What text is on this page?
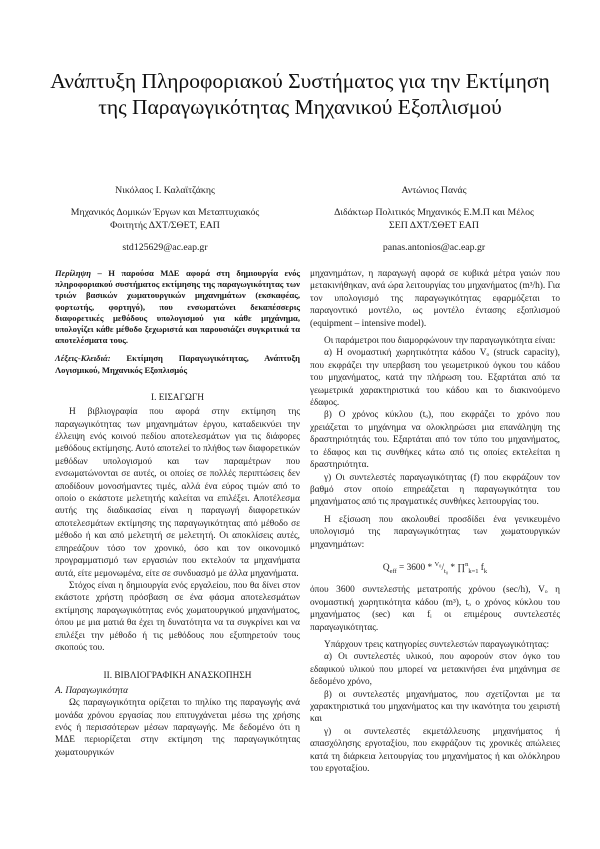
Ανάπτυξη Πληροφοριακού Συστήματος για την Εκτίμηση της Παραγωγικότητας Μηχανικού Εξοπλισμού
Νικόλαος Ι. Καλαϊτζάκης
Μηχανικός Δομικών Έργων και Μεταπτυχιακός
Φοιτητής ΔΧΤ/ΣΘΕΤ, ΕΑΠ
std125629@ac.eap.gr
Αντώνιος Πανάς
Διδάκτωρ Πολιτικός Μηχανικός Ε.Μ.Π και Μέλος
ΣΕΠ ΔΧΤ/ΣΘΕΤ ΕΑΠ
panas.antonios@ac.eap.gr

Περίληψη – Η παρούσα ΜΔΕ αφορά στη δημιουργία ενός πληροφοριακού συστήματος εκτίμησης της παραγωγικότητας των τριών βασικών χωματουργικών μηχανημάτων (εκσκαφέας, φορτωτής, φορτηγό), που ενσωματώνει δεκαπέσσερις διαφορετικές μεθόδους υπολογισμού για κάθε μηχάνημα, υπολογίζει κάθε μέθοδο ξεχωριστά και παρουσιάζει συγκριτικά τα αποτελέσματα τους.

Λέξεις-Κλειδιά: Εκτίμηση Παραγωγικότητας, Ανάπτυξη Λογισμικού, Μηχανικός Εξοπλισμός

I. ΕΙΣΑΓΩΓΗ

Η βιβλιογραφία που αφορά στην εκτίμηση της παραγωγικότητας των μηχανημάτων έργου, καταδεικνύει την έλλειψη ενός κοινού πεδίου αποτελεσμάτων για τις διάφορες μεθόδους εκτίμησης. Αυτό αποτελεί το πλήθος των διαφορετικών μεθόδων υπολογισμού και των παραμέτρων που ενσωματώνονται σε αυτές, οι οποίες σε πολλές περιπτώσεις δεν αποδίδουν μονοσήμαντες τιμές, αλλά ένα εύρος τιμών από το οποίο ο εκάστοτε μελετητής καλείται να επιλέξει. Αποτέλεσμα αυτής της διαδικασίας είναι η παραγωγή διαφορετικών αποτελεσμάτων εκτίμησης της παραγωγικότητας από μέθοδο σε μέθοδο ή και από μελετητή σε μελετητή. Οι αποκλίσεις αυτές, επηρεάζουν τόσο τον χρονικό, όσο και τον οικονομικό προγραμματισμό των εργασιών που εκτελούν τα μηχανήματα αυτά, είτε μεμονωμένα, είτε σε συνδυασμό με άλλα μηχανήματα.

Στόχος είναι η δημιουργία ενός εργαλείου, που θα δίνει στον εκάστοτε χρήστη πρόσβαση σε ένα φάσμα αποτελεσμάτων εκτίμησης παραγωγικότητας ενός χωματουργικού μηχανήματος, όπου με μια ματιά θα έχει τη δυνατότητα να τα συγκρίνει και να επιλέξει την μέθοδο ή τις μεθόδους που εξυπηρετούν τους σκοπούς του.

II. ΒΙΒΛΙΟΓΡΑΦΙΚΗ ΑΝΑΣΚΟΠΗΣΗ

A. Παραγωγικότητα

Ως παραγωγικότητα ορίζεται το πηλίκο της παραγωγής ανά μονάδα χρόνου εργασίας που επιτυγχάνεται μέσω της χρήσης ενός ή περισσότερων μέσων παραγωγής. Με δεδομένο ότι η ΜΔΕ περιορίζεται στην εκτίμηση της παραγωγικότητας χωματουργικών

μηχανημάτων, η παραγωγή αφορά σε κυβικά μέτρα γαιών που μετακινήθηκαν, ανά ώρα λειτουργίας του μηχανήματος (m³/h). Για τον υπολογισμό της παραγωγικότητας εφαρμόζεται το παραγοντικό μοντέλο, ως μοντέλο έντασης εξοπλισμού (equipment – intensive model).

Οι παράμετροι που διαμορφώνουν την παραγωγικότητα είναι:

α) Η ονομαστική χωρητικότητα κάδου Vₒ (struck capacity), που εκφράζει την υπερβαση του γεωμετρικού όγκου του κάδου του μηχανήματος, κατά την πλήρωση του. Εξαρτάται από τα γεωμετρικά χαρακτηριστικά του κάδου και το διακινούμενο έδαφος.

β) Ο χρόνος κύκλου (tₒ), που εκφράζει το χρόνο που χρειάζεται το μηχάνημα να ολοκληρώσει μια επανάληψη της δραστηριότητάς του. Εξαρτάται από τον τύπο του μηχανήματος, το έδαφος και τις συνθήκες κάτω από τις οποίες εκτελείται η δραστηριότητα.

γ) Οι συντελεστές παραγωγικότητας (f) που εκφράζουν τον βαθμό στον οποίο επηρεάζεται η παραγωγικότητα του μηχανήματος από τις πραγματικές συνθήκες λειτουργίας του.

Η εξίσωση που ακολουθεί προσδίδει ένα γενικευμένο υπολογισμό της παραγωγικότητας των χωματουργικών μηχανημάτων:

$Q_{eff} = 3600 * ^{V_0}/_{t_0}$ * ∏$^n_{k=1}$ $f_k$

όπου 3600 συντελεστής μετατροπής χρόνου (sec/h), Vₒ η ονομαστική χωρητικότητα κάδου (m³), tₒ ο χρόνος κύκλου του μηχανήματος (sec) και fᵢ οι επιμέρους συντελεστές παραγωγικότητας.

Υπάρχουν τρεις κατηγορίες συντελεστών παραγωγικότητας:

α) Οι συντελεστές υλικού, που αφορούν στον όγκο του εδαφικού υλικού που μπορεί να μετακινήσει ένα μηχάνημα σε δεδομένο χρόνο,

β) οι συντελεστές μηχανήματος, που σχετίζονται με τα χαρακτηριστικά του μηχανήματος και την ικανότητα του χειριστή και

γ) οι συντελεστές εκμετάλλευσης μηχανήματος ή απασχόλησης εργοταξίου, που εκφράζουν τις χρονικές απώλειες κατά τη διάρκεια λειτουργίας του μηχανήματος ή και ολόκληρου του εργοταξίου.
